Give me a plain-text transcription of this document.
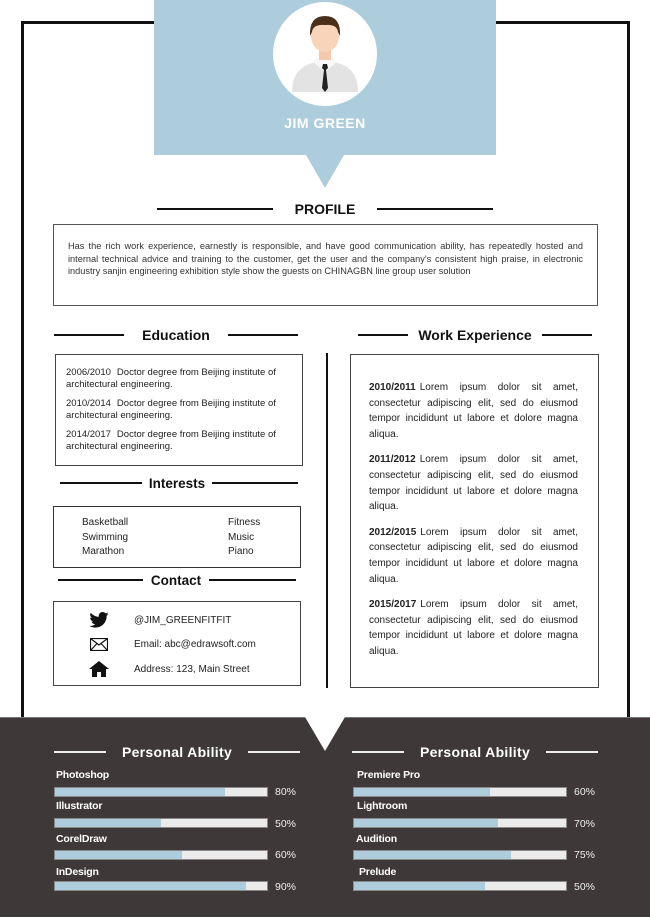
JIM GREEN
PROFILE

Has the rich work experience, earnestly is responsible, and have good communication ability, has repeatedly hosted and internal technical advice and training to the customer, get the user and the company's consistent high praise, in electronic industry sanjin engineering exhibition style show the guests on CHINAGBN line group user solution

Education
2006/2010 Doctor degree from Beijing institute of architectural engineering.
2010/2014 Doctor degree from Beijing institute of architectural engineering.
2014/2017 Doctor degree from Beijing institute of architectural engineering.
Interests
Basketball
Swimming
Marathon
Fitness
Music
Piano
Contact
@JIM_GREENFITFIT
Email: abc@edrawsoft.com
Address: 123, Main Street
Work Experience
2010/2011 Lorem ipsum dolor sit amet, consectetur adipiscing elit, sed do eiusmod tempor incididunt ut labore et dolore magna aliqua.
2011/2012 Lorem ipsum dolor sit amet, consectetur adipiscing elit, sed do eiusmod tempor incididunt ut labore et dolore magna aliqua.
2012/2015 Lorem ipsum dolor sit amet, consectetur adipiscing elit, sed do eiusmod tempor incididunt ut labore et dolore magna aliqua.
2015/2017 Lorem ipsum dolor sit amet, consectetur adipiscing elit, sed do eiusmod tempor incididunt ut labore et dolore magna aliqua.
Personal Ability
Photoshop
80%
Illustrator
50%
CorelDraw
60%
InDesign
90%
Personal Ability
Premiere Pro
60%
Lightroom
70%
Audition
75%
Prelude
50%
